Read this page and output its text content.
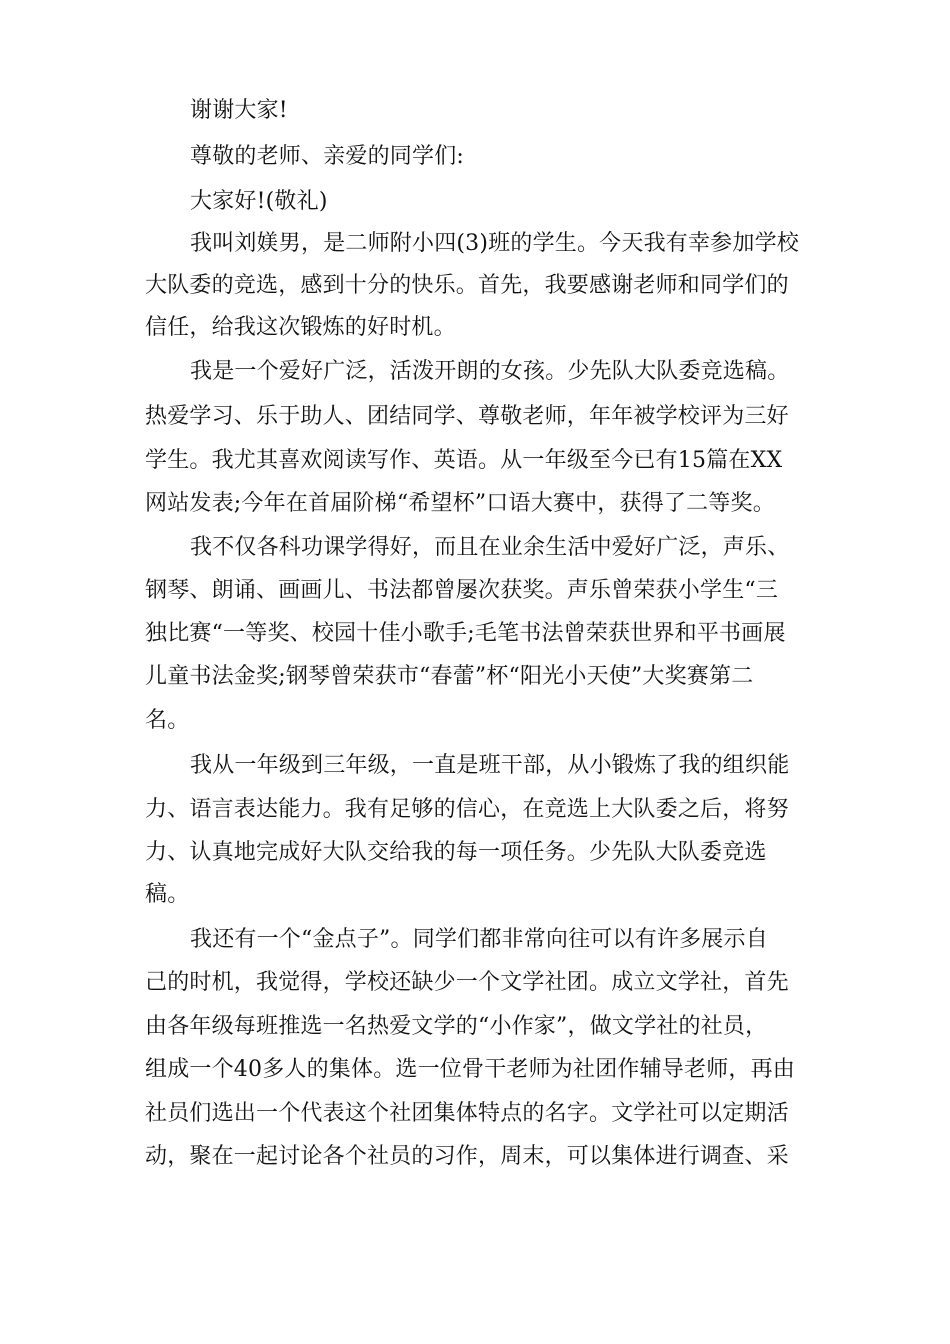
谢谢大家!
尊敬的老师、亲爱的同学们:
大家好!(敬礼)
我叫刘媄男，是二师附小四(3)班的学生。今天我有幸参加学校
大队委的竞选，感到十分的快乐。首先，我要感谢老师和同学们的
信任，给我这次锻炼的好时机。
我是一个爱好广泛，活泼开朗的女孩。少先队大队委竞选稿。
热爱学习、乐于助人、团结同学、尊敬老师，年年被学校评为三好
学生。我尤其喜欢阅读写作、英语。从一年级至今已有15篇在XX
网站发表;今年在首届阶梯“希望杯”口语大赛中，获得了二等奖。
我不仅各科功课学得好，而且在业余生活中爱好广泛，声乐、
钢琴、朗诵、画画儿、书法都曾屡次获奖。声乐曾荣获小学生“三
独比赛“一等奖、校园十佳小歌手;毛笔书法曾荣获世界和平书画展
儿童书法金奖;钢琴曾荣获市“春蕾”杯“阳光小天使”大奖赛第二
名。
我从一年级到三年级，一直是班干部，从小锻炼了我的组织能
力、语言表达能力。我有足够的信心，在竞选上大队委之后，将努
力、认真地完成好大队交给我的每一项任务。少先队大队委竞选
稿。
我还有一个“金点子”。同学们都非常向往可以有许多展示自
己的时机，我觉得，学校还缺少一个文学社团。成立文学社，首先
由各年级每班推选一名热爱文学的“小作家”，做文学社的社员，
组成一个40多人的集体。选一位骨干老师为社团作辅导老师，再由
社员们选出一个代表这个社团集体特点的名字。文学社可以定期活
动，聚在一起讨论各个社员的习作，周末，可以集体进行调查、采
